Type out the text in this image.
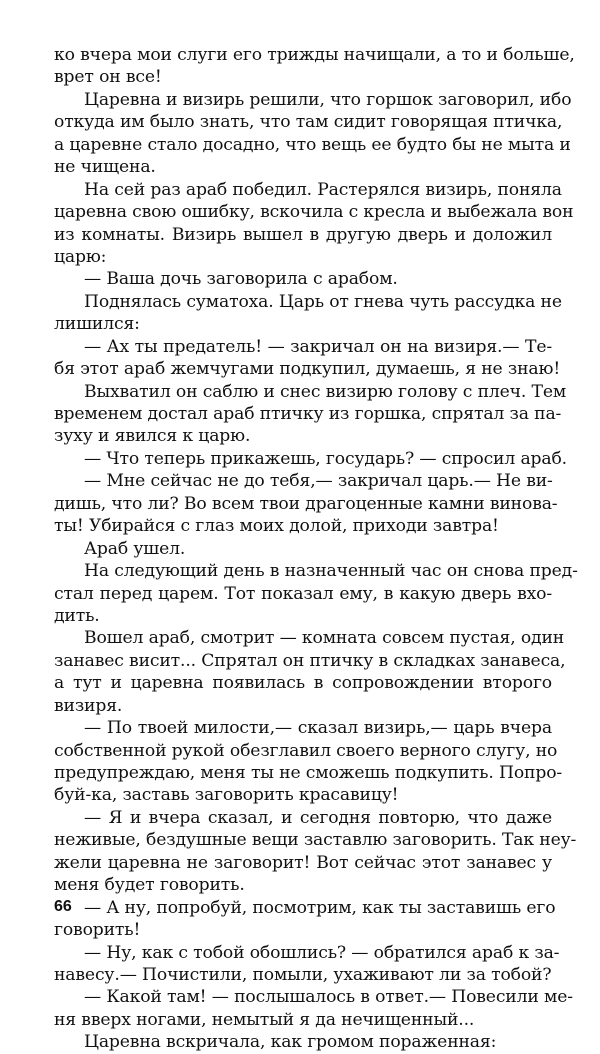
ко вчера мои слуги его трижды начищали, а то и больше,
врет он все!
Царевна и визирь решили, что горшок заговорил, ибо
откуда им было знать, что там сидит говорящая птичка,
а царевне стало досадно, что вещь ее будто бы не мыта и
не чищена.
На сей раз араб победил. Растерялся визирь, поняла
царевна свою ошибку, вскочила с кресла и выбежала вон
из комнаты. Визирь вышел в другую дверь и доложил
царю:
— Ваша дочь заговорила с арабом.
Поднялась суматоха. Царь от гнева чуть рассудка не
лишился:
— Ах ты предатель! — закричал он на визиря.— Те-
бя этот араб жемчугами подкупил, думаешь, я не знаю!
Выхватил он саблю и снес визирю голову с плеч. Тем
временем достал араб птичку из горшка, спрятал за па-
зуху и явился к царю.
— Что теперь прикажешь, государь? — спросил араб.
— Мне сейчас не до тебя,— закричал царь.— Не ви-
дишь, что ли? Во всем твои драгоценные камни винова-
ты! Убирайся с глаз моих долой, приходи завтра!
Араб ушел.
На следующий день в назначенный час он снова пред-
стал перед царем. Тот показал ему, в какую дверь вхо-
дить.
Вошел араб, смотрит — комната совсем пустая, один
занавес висит... Спрятал он птичку в складках занавеса,
а тут и царевна появилась в сопровождении второго
визиря.
— По твоей милости,— сказал визирь,— царь вчера
собственной рукой обезглавил своего верного слугу, но
предупреждаю, меня ты не сможешь подкупить. Попро-
буй-ка, заставь заговорить красавицу!
— Я и вчера сказал, и сегодня повторю, что даже
неживые, бездушные вещи заставлю заговорить. Так неу-
жели царевна не заговорит! Вот сейчас этот занавес у
меня будет говорить.
— А ну, попробуй, посмотрим, как ты заставишь его
говорить!
— Ну, как с тобой обошлись? — обратился араб к за-
навесу.— Почистили, помыли, ухаживают ли за тобой?
— Какой там! — послышалось в ответ.— Повесили ме-
ня вверх ногами, немытый я да нечищенный...
Царевна вскричала, как громом пораженная:
66
